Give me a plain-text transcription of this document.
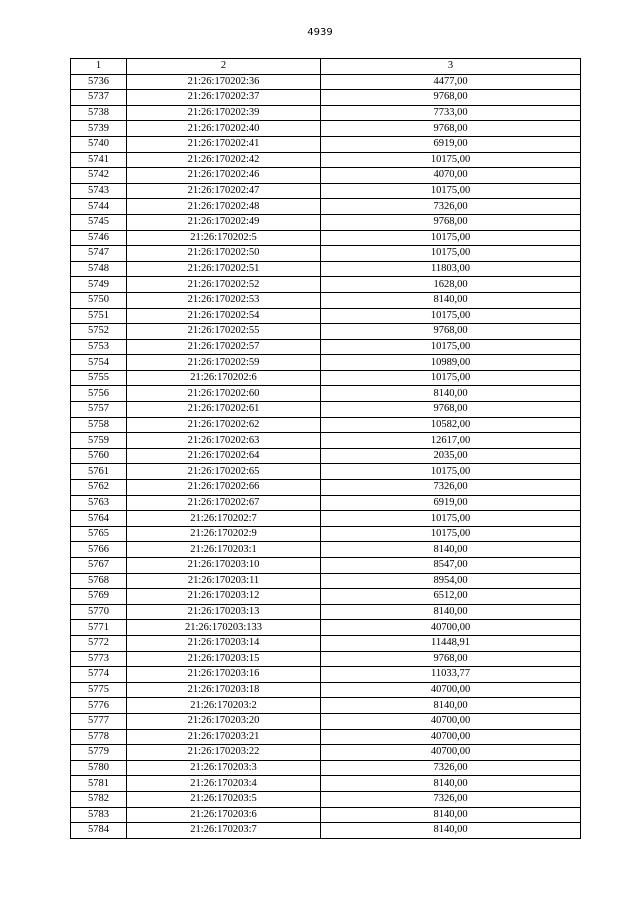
4939
1	2	3
5736	21:26:170202:36	4477,00
5737	21:26:170202:37	9768,00
5738	21:26:170202:39	7733,00
5739	21:26:170202:40	9768,00
5740	21:26:170202:41	6919,00
5741	21:26:170202:42	10175,00
5742	21:26:170202:46	4070,00
5743	21:26:170202:47	10175,00
5744	21:26:170202:48	7326,00
5745	21:26:170202:49	9768,00
5746	21:26:170202:5	10175,00
5747	21:26:170202:50	10175,00
5748	21:26:170202:51	11803,00
5749	21:26:170202:52	1628,00
5750	21:26:170202:53	8140,00
5751	21:26:170202:54	10175,00
5752	21:26:170202:55	9768,00
5753	21:26:170202:57	10175,00
5754	21:26:170202:59	10989,00
5755	21:26:170202:6	10175,00
5756	21:26:170202:60	8140,00
5757	21:26:170202:61	9768,00
5758	21:26:170202:62	10582,00
5759	21:26:170202:63	12617,00
5760	21:26:170202:64	2035,00
5761	21:26:170202:65	10175,00
5762	21:26:170202:66	7326,00
5763	21:26:170202:67	6919,00
5764	21:26:170202:7	10175,00
5765	21:26:170202:9	10175,00
5766	21:26:170203:1	8140,00
5767	21:26:170203:10	8547,00
5768	21:26:170203:11	8954,00
5769	21:26:170203:12	6512,00
5770	21:26:170203:13	8140,00
5771	21:26:170203:133	40700,00
5772	21:26:170203:14	11448,91
5773	21:26:170203:15	9768,00
5774	21:26:170203:16	11033,77
5775	21:26:170203:18	40700,00
5776	21:26:170203:2	8140,00
5777	21:26:170203:20	40700,00
5778	21:26:170203:21	40700,00
5779	21:26:170203:22	40700,00
5780	21:26:170203:3	7326,00
5781	21:26:170203:4	8140,00
5782	21:26:170203:5	7326,00
5783	21:26:170203:6	8140,00
5784	21:26:170203:7	8140,00
